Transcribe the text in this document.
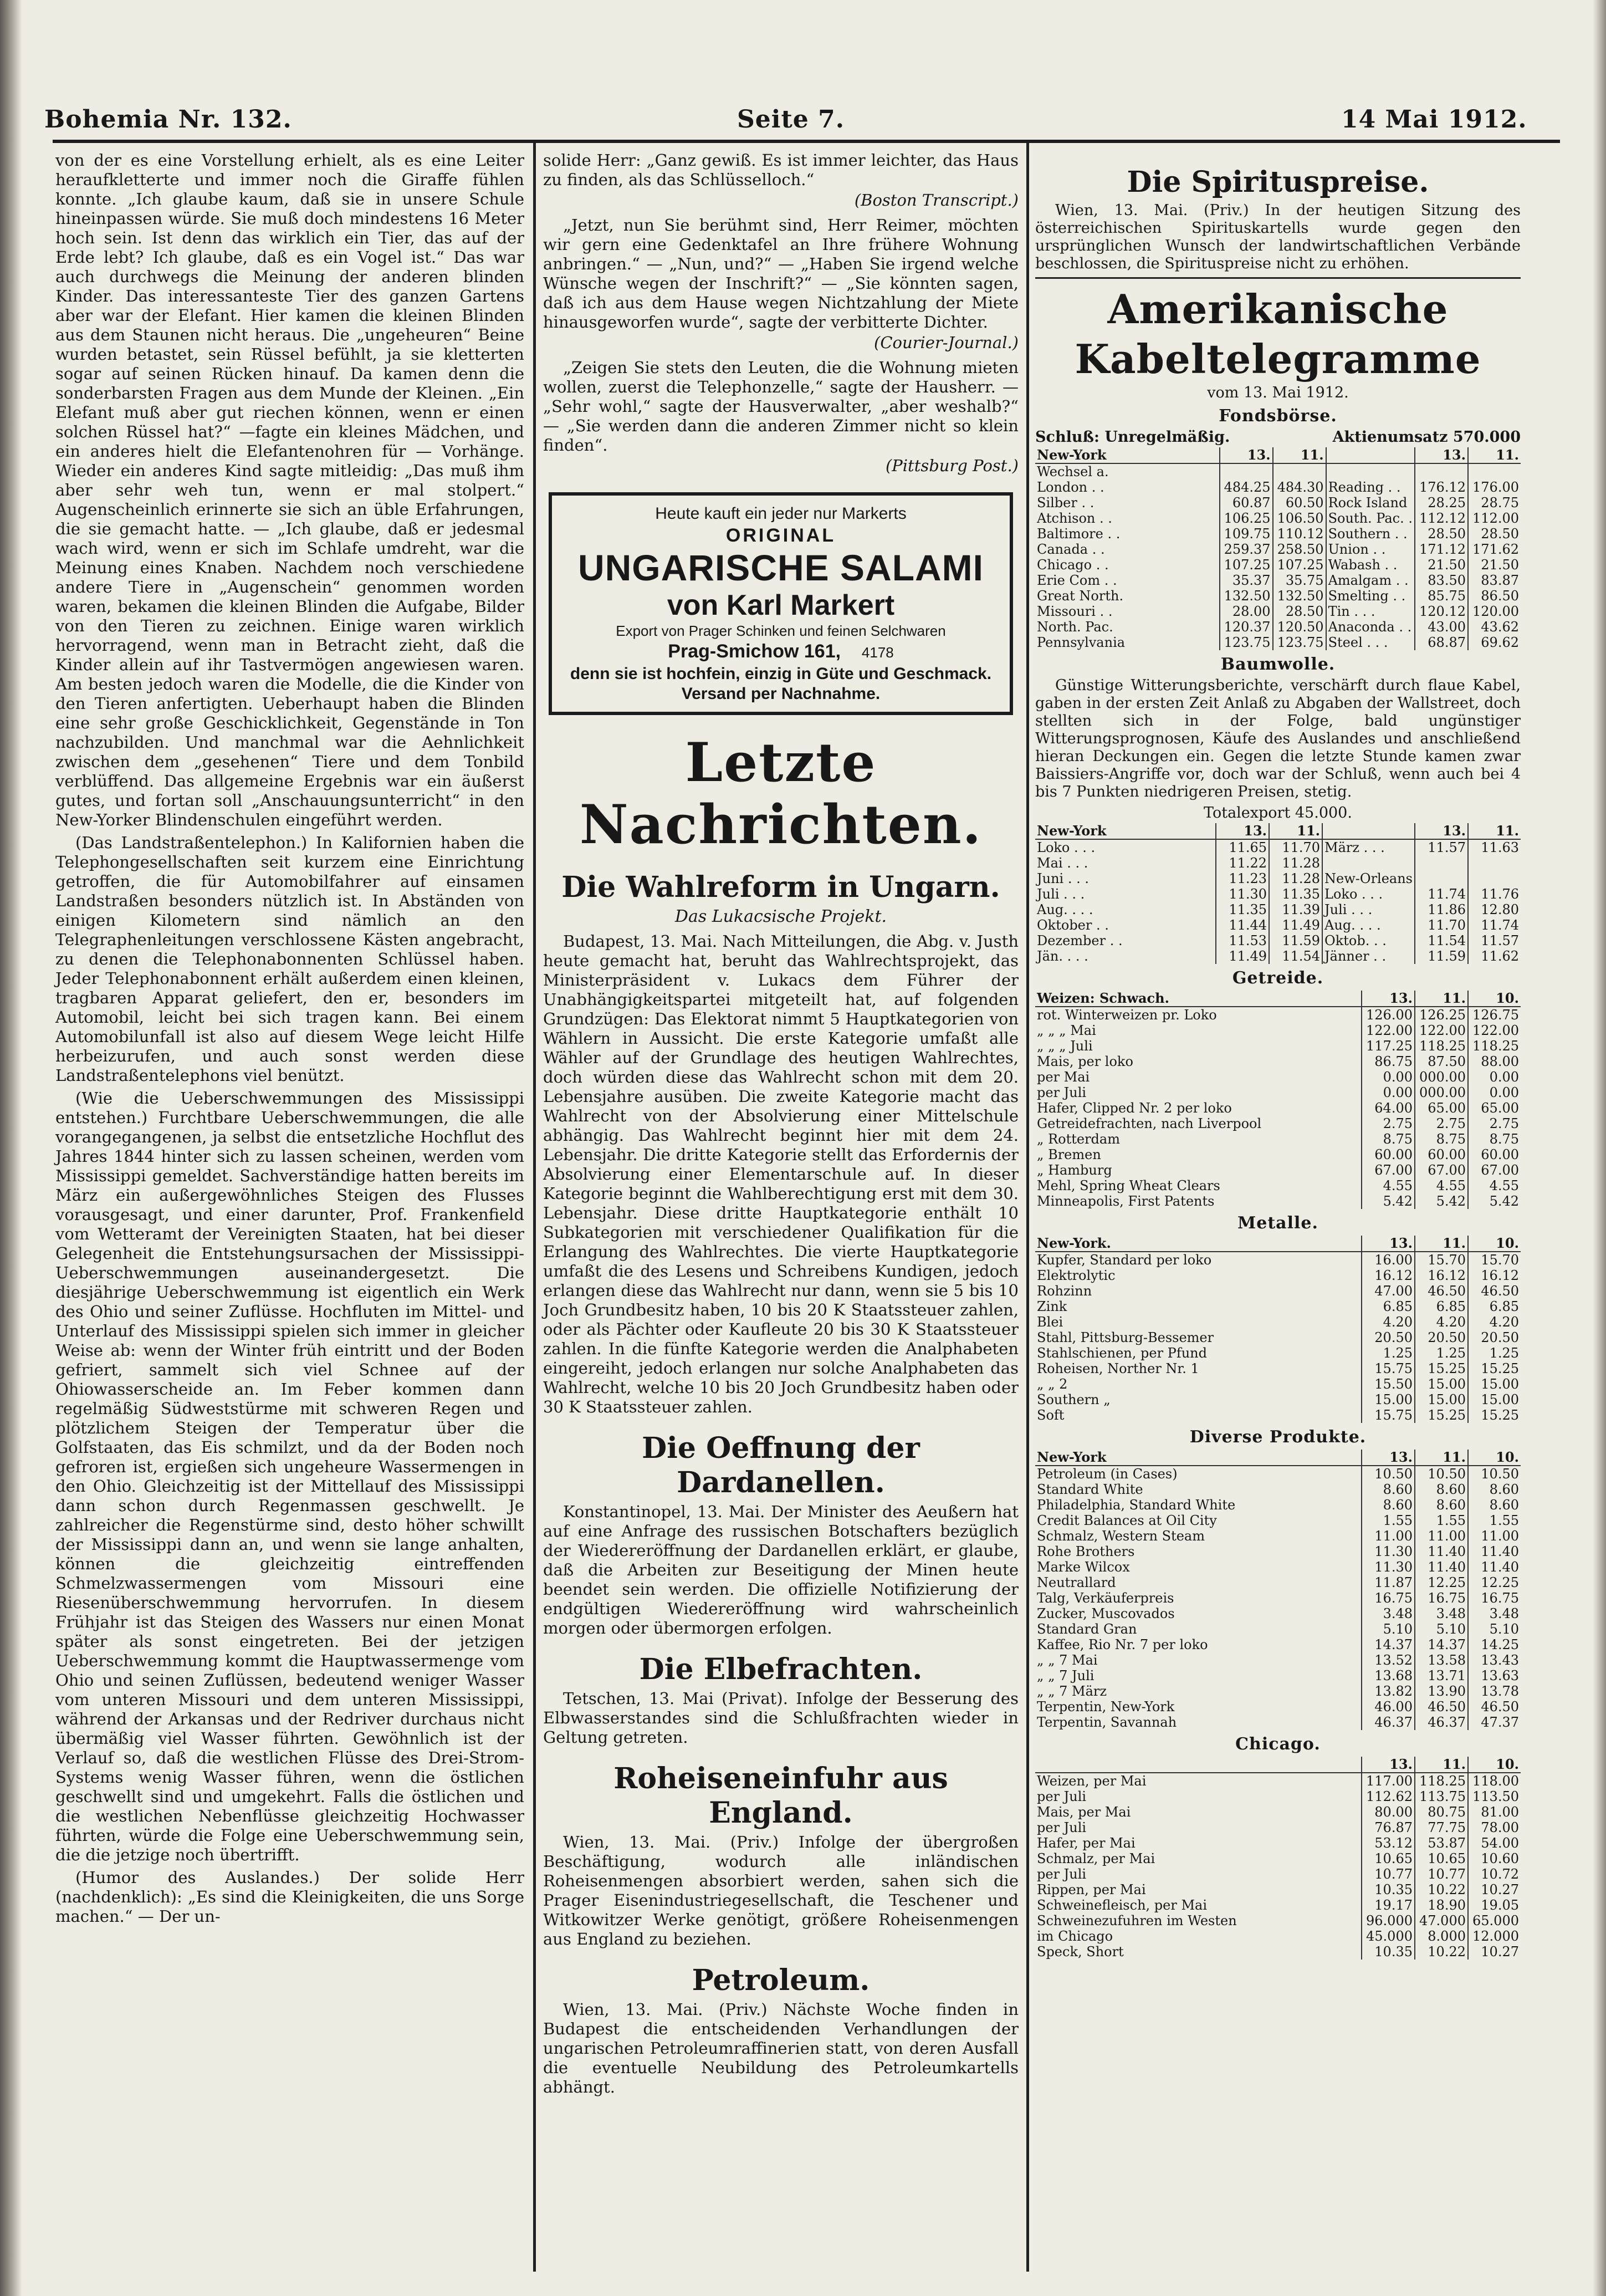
Bohemia Nr. 132.	Seite 7.	14 Mai 1912.

von der es eine Vorstellung erhielt, als es eine Leiter heraufkletterte und immer noch die Giraffe fühlen konnte. „Ich glaube kaum, daß sie in unsere Schule hineinpassen würde. Sie muß doch mindestens 16 Meter hoch sein. Ist denn das wirklich ein Tier, das auf der Erde lebt? Ich glaube, daß es ein Vogel ist.“ Das war auch durchwegs die Meinung der anderen blinden Kinder. Das interessanteste Tier des ganzen Gartens aber war der Elefant. Hier kamen die kleinen Blinden aus dem Staunen nicht heraus. Die „ungeheuren“ Beine wurden betastet, sein Rüssel befühlt, ja sie kletterten sogar auf seinen Rücken hinauf. Da kamen denn die sonderbarsten Fragen aus dem Munde der Kleinen. „Ein Elefant muß aber gut riechen können, wenn er einen solchen Rüssel hat?“ —fagte ein kleines Mädchen, und ein anderes hielt die Elefantenohren für — Vorhänge. Wieder ein anderes Kind sagte mitleidig: „Das muß ihm aber sehr weh tun, wenn er mal stolpert.“ Augenscheinlich erinnerte sie sich an üble Erfahrungen, die sie gemacht hatte. — „Ich glaube, daß er jedesmal wach wird, wenn er sich im Schlafe umdreht, war die Meinung eines Knaben. Nachdem noch verschiedene andere Tiere in „Augenschein“ genommen worden waren, bekamen die kleinen Blinden die Aufgabe, Bilder von den Tieren zu zeichnen. Einige waren wirklich hervorragend, wenn man in Betracht zieht, daß die Kinder allein auf ihr Tastvermögen angewiesen waren. Am besten jedoch waren die Modelle, die die Kinder von den Tieren anfertigten. Ueberhaupt haben die Blinden eine sehr große Geschicklichkeit, Gegenstände in Ton nachzubilden. Und manchmal war die Aehnlichkeit zwischen dem „gesehenen“ Tiere und dem Tonbild verblüffend. Das allgemeine Ergebnis war ein äußerst gutes, und fortan soll „Anschauungsunterricht“ in den New-Yorker Blindenschulen eingeführt werden.

(Das Landstraßentelephon.) In Kalifornien haben die Telephongesellschaften seit kurzem eine Einrichtung getroffen, die für Automobilfahrer auf einsamen Landstraßen besonders nützlich ist. In Abständen von einigen Kilometern sind nämlich an den Telegraphenleitungen verschlossene Kästen angebracht, zu denen die Telephonabonnenten Schlüssel haben. Jeder Telephonabonnent erhält außerdem einen kleinen, tragbaren Apparat geliefert, den er, besonders im Automobil, leicht bei sich tragen kann. Bei einem Automobilunfall ist also auf diesem Wege leicht Hilfe herbeizurufen, und auch sonst werden diese Landstraßentelephons viel benützt.

(Wie die Ueberschwemmungen des Mississippi entstehen.) Furchtbare Ueberschwemmungen, die alle vorangegangenen, ja selbst die entsetzliche Hochflut des Jahres 1844 hinter sich zu lassen scheinen, werden vom Mississippi gemeldet. Sachverständige hatten bereits im März ein außergewöhnliches Steigen des Flusses vorausgesagt, und einer darunter, Prof. Frankenfield vom Wetteramt der Vereinigten Staaten, hat bei dieser Gelegenheit die Entstehungsursachen der Mississippi-Ueberschwemmungen auseinandergesetzt. Die diesjährige Ueberschwemmung ist eigentlich ein Werk des Ohio und seiner Zuflüsse. Hochfluten im Mittel- und Unterlauf des Mississippi spielen sich immer in gleicher Weise ab: wenn der Winter früh eintritt und der Boden gefriert, sammelt sich viel Schnee auf der Ohiowasserscheide an. Im Feber kommen dann regelmäßig Südweststürme mit schweren Regen und plötzlichem Steigen der Temperatur über die Golfstaaten, das Eis schmilzt, und da der Boden noch gefroren ist, ergießen sich ungeheure Wassermengen in den Ohio. Gleichzeitig ist der Mittellauf des Mississippi dann schon durch Regenmassen geschwellt. Je zahlreicher die Regenstürme sind, desto höher schwillt der Mississippi dann an, und wenn sie lange anhalten, können die gleichzeitig eintreffenden Schmelzwassermengen vom Missouri eine Riesenüberschwemmung hervorrufen. In diesem Frühjahr ist das Steigen des Wassers nur einen Monat später als sonst eingetreten. Bei der jetzigen Ueberschwemmung kommt die Hauptwassermenge vom Ohio und seinen Zuflüssen, bedeutend weniger Wasser vom unteren Missouri und dem unteren Mississippi, während der Arkansas und der Redriver durchaus nicht übermäßig viel Wasser führten. Gewöhnlich ist der Verlauf so, daß die westlichen Flüsse des Drei-Strom-Systems wenig Wasser führen, wenn die östlichen geschwellt sind und umgekehrt. Falls die östlichen und die westlichen Nebenflüsse gleichzeitig Hochwasser führten, würde die Folge eine Ueberschwemmung sein, die die jetzige noch übertrifft.

(Humor des Auslandes.) Der solide Herr (nachdenklich): „Es sind die Kleinigkeiten, die uns Sorge machen.“ — Der un-

solide Herr: „Ganz gewiß. Es ist immer leichter, das Haus zu finden, als das Schlüsselloch.“

(Boston Transcript.)

„Jetzt, nun Sie berühmt sind, Herr Reimer, möchten wir gern eine Gedenktafel an Ihre frühere Wohnung anbringen.“ — „Nun, und?“ — „Haben Sie irgend welche Wünsche wegen der Inschrift?“ — „Sie könnten sagen, daß ich aus dem Hause wegen Nichtzahlung der Miete hinausgeworfen wurde“, sagte der verbitterte Dichter.

(Courier-Journal.)

„Zeigen Sie stets den Leuten, die die Wohnung mieten wollen, zuerst die Telephonzelle,“ sagte der Hausherr. — „Sehr wohl,“ sagte der Hausverwalter, „aber weshalb?“ — „Sie werden dann die anderen Zimmer nicht so klein finden“.

(Pittsburg Post.)
Heute kauft ein jeder nur Markerts
ORIGINAL
UNGARISCHE SALAMI
von Karl Markert
Export von Prager Schinken und feinen Selchwaren
Prag-Smichow 161, 4178
denn sie ist hochfein, einzig in Güte und Geschmack. Versand per Nachnahme.
Letzte Nachrichten.
Die Wahlreform in Ungarn.
Das Lukacsische Projekt.

Budapest, 13. Mai. Nach Mitteilungen, die Abg. v. Justh heute gemacht hat, beruht das Wahlrechtsprojekt, das Ministerpräsident v. Lukacs dem Führer der Unabhängigkeitspartei mitgeteilt hat, auf folgenden Grundzügen: Das Elektorat nimmt 5 Hauptkategorien von Wählern in Aussicht. Die erste Kategorie umfaßt alle Wähler auf der Grundlage des heutigen Wahlrechtes, doch würden diese das Wahlrecht schon mit dem 20. Lebensjahre ausüben. Die zweite Kategorie macht das Wahlrecht von der Absolvierung einer Mittelschule abhängig. Das Wahlrecht beginnt hier mit dem 24. Lebensjahr. Die dritte Kategorie stellt das Erfordernis der Absolvierung einer Elementarschule auf. In dieser Kategorie beginnt die Wahlberechtigung erst mit dem 30. Lebensjahr. Diese dritte Hauptkategorie enthält 10 Subkategorien mit verschiedener Qualifikation für die Erlangung des Wahlrechtes. Die vierte Hauptkategorie umfaßt die des Lesens und Schreibens Kundigen, jedoch erlangen diese das Wahlrecht nur dann, wenn sie 5 bis 10 Joch Grundbesitz haben, 10 bis 20 K Staatssteuer zahlen, oder als Pächter oder Kaufleute 20 bis 30 K Staatssteuer zahlen. In die fünfte Kategorie werden die Analphabeten eingereiht, jedoch erlangen nur solche Analphabeten das Wahlrecht, welche 10 bis 20 Joch Grundbesitz haben oder 30 K Staatssteuer zahlen.

Die Oeffnung der Dardanellen.

Konstantinopel, 13. Mai. Der Minister des Aeußern hat auf eine Anfrage des russischen Botschafters bezüglich der Wiedereröffnung der Dardanellen erklärt, er glaube, daß die Arbeiten zur Beseitigung der Minen heute beendet sein werden. Die offizielle Notifizierung der endgültigen Wiedereröffnung wird wahrscheinlich morgen oder übermorgen erfolgen.

Die Elbefrachten.

Tetschen, 13. Mai (Privat). Infolge der Besserung des Elbwasserstandes sind die Schlußfrachten wieder in Geltung getreten.

Roheiseneinfuhr aus England.

Wien, 13. Mai. (Priv.) Infolge der übergroßen Beschäftigung, wodurch alle inländischen Roheisenmengen absorbiert werden, sahen sich die Prager Eisenindustriegesellschaft, die Teschener und Witkowitzer Werke genötigt, größere Roheisenmengen aus England zu beziehen.

Petroleum.

Wien, 13. Mai. (Priv.) Nächste Woche finden in Budapest die entscheidenden Verhandlungen der ungarischen Petroleumraffinerien statt, von deren Ausfall die eventuelle Neubildung des Petroleumkartells abhängt.

Die Spirituspreise.

Wien, 13. Mai. (Priv.) In der heutigen Sitzung des österreichischen Spirituskartells wurde gegen den ursprünglichen Wunsch der landwirtschaftlichen Verbände beschlossen, die Spirituspreise nicht zu erhöhen.

Amerikanische Kabeltelegramme
vom 13. Mai 1912.
Fondsbörse.
Schluß: Unregelmäßig.	Aktienumsatz 570.000
New-York	13.	11.		13.	11.
Wechsel a.					
London . .	484.25	484.30	Reading . .	176.12	176.00
Silber . .	60.87	60.50	Rock Island	28.25	28.75
Atchison . .	106.25	106.50	South. Pac. .	112.12	112.00
Baltimore . .	109.75	110.12	Southern . .	28.50	28.50
Canada . .	259.37	258.50	Union . .	171.12	171.62
Chicago . .	107.25	107.25	Wabash . .	21.50	21.50
Erie Com . .	35.37	35.75	Amalgam . .	83.50	83.87
Great North.	132.50	132.50	Smelting . .	85.75	86.50
Missouri . .	28.00	28.50	Tin . . .	120.12	120.00
North. Pac.	120.37	120.50	Anaconda . .	43.00	43.62
Pennsylvania	123.75	123.75	Steel . . .	68.87	69.62
Baumwolle.

Günstige Witterungsberichte, verschärft durch flaue Kabel, gaben in der ersten Zeit Anlaß zu Abgaben der Wallstreet, doch stellten sich in der Folge, bald ungünstiger Witterungsprognosen, Käufe des Auslandes und anschließend hieran Deckungen ein. Gegen die letzte Stunde kamen zwar Baissiers-Angriffe vor, doch war der Schluß, wenn auch bei 4 bis 7 Punkten niedrigeren Preisen, stetig.

Totalexport 45.000.
New-York	13.	11.		13.	11.
Loko . . .	11.65	11.70	März . . .	11.57	11.63
Mai . . .	11.22	11.28			
Juni . . .	11.23	11.28	New-Orleans		
Juli . . .	11.30	11.35	Loko . . .	11.74	11.76
Aug. . . .	11.35	11.39	Juli . . .	11.86	12.80
Oktober . .	11.44	11.49	Aug. . . .	11.70	11.74
Dezember . .	11.53	11.59	Oktob. . .	11.54	11.57
Jän. . . .	11.49	11.54	Jänner . .	11.59	11.62
Getreide.
Weizen: Schwach.	13.	11.	10.
rot. Winterweizen pr. Loko	126.00	126.25	126.75
„ „ „ Mai	122.00	122.00	122.00
„ „ „ Juli	117.25	118.25	118.25
Mais, per loko	86.75	87.50	88.00
per Mai	0.00	000.00	0.00
per Juli	0.00	000.00	0.00
Hafer, Clipped Nr. 2 per loko	64.00	65.00	65.00
Getreidefrachten, nach Liverpool	2.75	2.75	2.75
„ Rotterdam	8.75	8.75	8.75
„ Bremen	60.00	60.00	60.00
„ Hamburg	67.00	67.00	67.00
Mehl, Spring Wheat Clears	4.55	4.55	4.55
Minneapolis, First Patents	5.42	5.42	5.42
Metalle.
New-York.	13.	11.	10.
Kupfer, Standard per loko	16.00	15.70	15.70
Elektrolytic	16.12	16.12	16.12
Rohzinn	47.00	46.50	46.50
Zink	6.85	6.85	6.85
Blei	4.20	4.20	4.20
Stahl, Pittsburg-Bessemer	20.50	20.50	20.50
Stahlschienen, per Pfund	1.25	1.25	1.25
Roheisen, Norther Nr. 1	15.75	15.25	15.25
„ „ 2	15.50	15.00	15.00
Southern „	15.00	15.00	15.00
Soft	15.75	15.25	15.25
Diverse Produkte.
New-York	13.	11.	10.
Petroleum (in Cases)	10.50	10.50	10.50
Standard White	8.60	8.60	8.60
Philadelphia, Standard White	8.60	8.60	8.60
Credit Balances at Oil City	1.55	1.55	1.55
Schmalz, Western Steam	11.00	11.00	11.00
Rohe Brothers	11.30	11.40	11.40
Marke Wilcox	11.30	11.40	11.40
Neutrallard	11.87	12.25	12.25
Talg, Verkäuferpreis	16.75	16.75	16.75
Zucker, Muscovados	3.48	3.48	3.48
Standard Gran	5.10	5.10	5.10
Kaffee, Rio Nr. 7 per loko	14.37	14.37	14.25
„ „ 7 Mai	13.52	13.58	13.43
„ „ 7 Juli	13.68	13.71	13.63
„ „ 7 März	13.82	13.90	13.78
Terpentin, New-York	46.00	46.50	46.50
Terpentin, Savannah	46.37	46.37	47.37
Chicago.
	13.	11.	10.
Weizen, per Mai	117.00	118.25	118.00
per Juli	112.62	113.75	113.50
Mais, per Mai	80.00	80.75	81.00
per Juli	76.87	77.75	78.00
Hafer, per Mai	53.12	53.87	54.00
Schmalz, per Mai	10.65	10.65	10.60
per Juli	10.77	10.77	10.72
Rippen, per Mai	10.35	10.22	10.27
Schweinefleisch, per Mai	19.17	18.90	19.05
Schweinezufuhren im Westen	96.000	47.000	65.000
im Chicago	45.000	8.000	12.000
Speck, Short	10.35	10.22	10.27
